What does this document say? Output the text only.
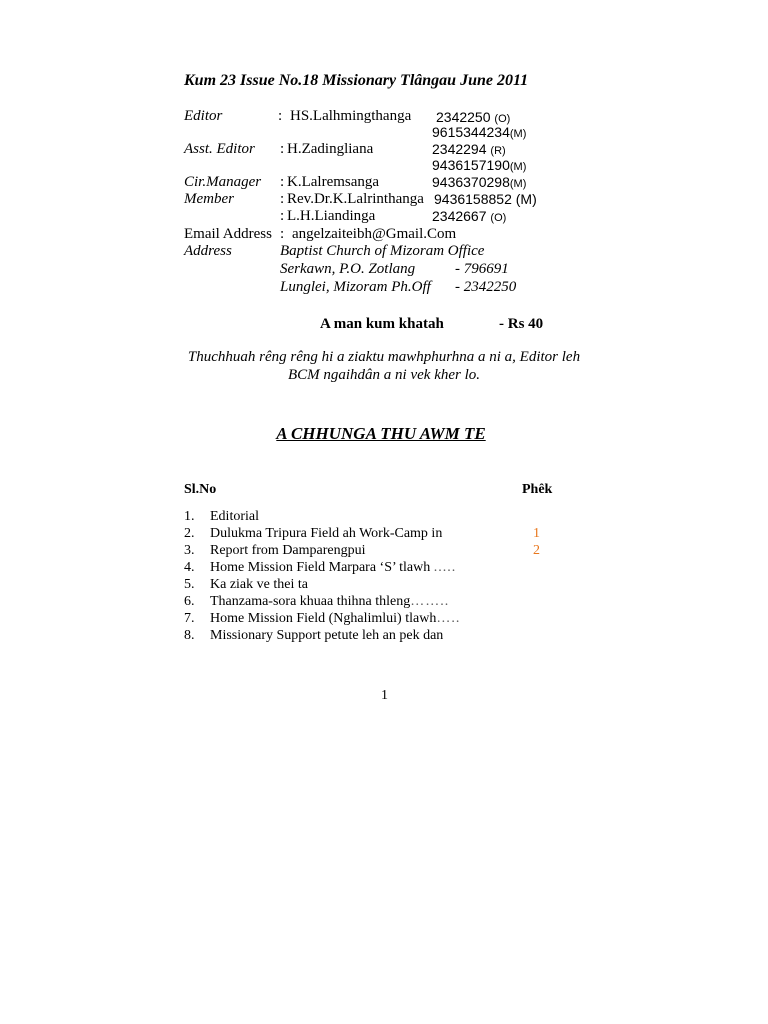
Kum 23 Issue No.18 Missionary Tlângau June 2011
Editor	: HS.Lalhmingthanga 2342250 (O)
9615344234(M)
Asst. Editor : H.Zadingliana	2342294 (R)
9436157190(M)
Cir.Manager : K.Lalremsanga	9436370298(M)
Member	: Rev.Dr.K.Lalrinthanga 9436158852 (M)
: L.H.Liandinga	2342667 (O)
Email Address : angelzaiteibh@Gmail.Com
Address	Baptist Church of Mizoram Office
Serkawn, P.O. Zotlang	- 796691
Lunglei, Mizoram Ph.Off - 2342250
A man kum khatah	- Rs 40
Thuchhuah rêng rêng hi a ziaktu mawhphurhna a ni a, Editor leh
BCM ngaihdân a ni vek kher lo.
A CHHUNGA THU AWM TE
Sl.No	Phêk
1. Editorial
2. Dulukma Tripura Field ah Work-Camp in	1
3. Report from Damparengpui	2
4. Home Mission Field Marpara ‘S’ tlawh .....
5. Ka ziak ve thei ta
6. Thanzama-sora khuaa thihna thleng……..
7. Home Mission Field (Nghalimlui) tlawh…..
8. Missionary Support petute leh an pek dan
1
